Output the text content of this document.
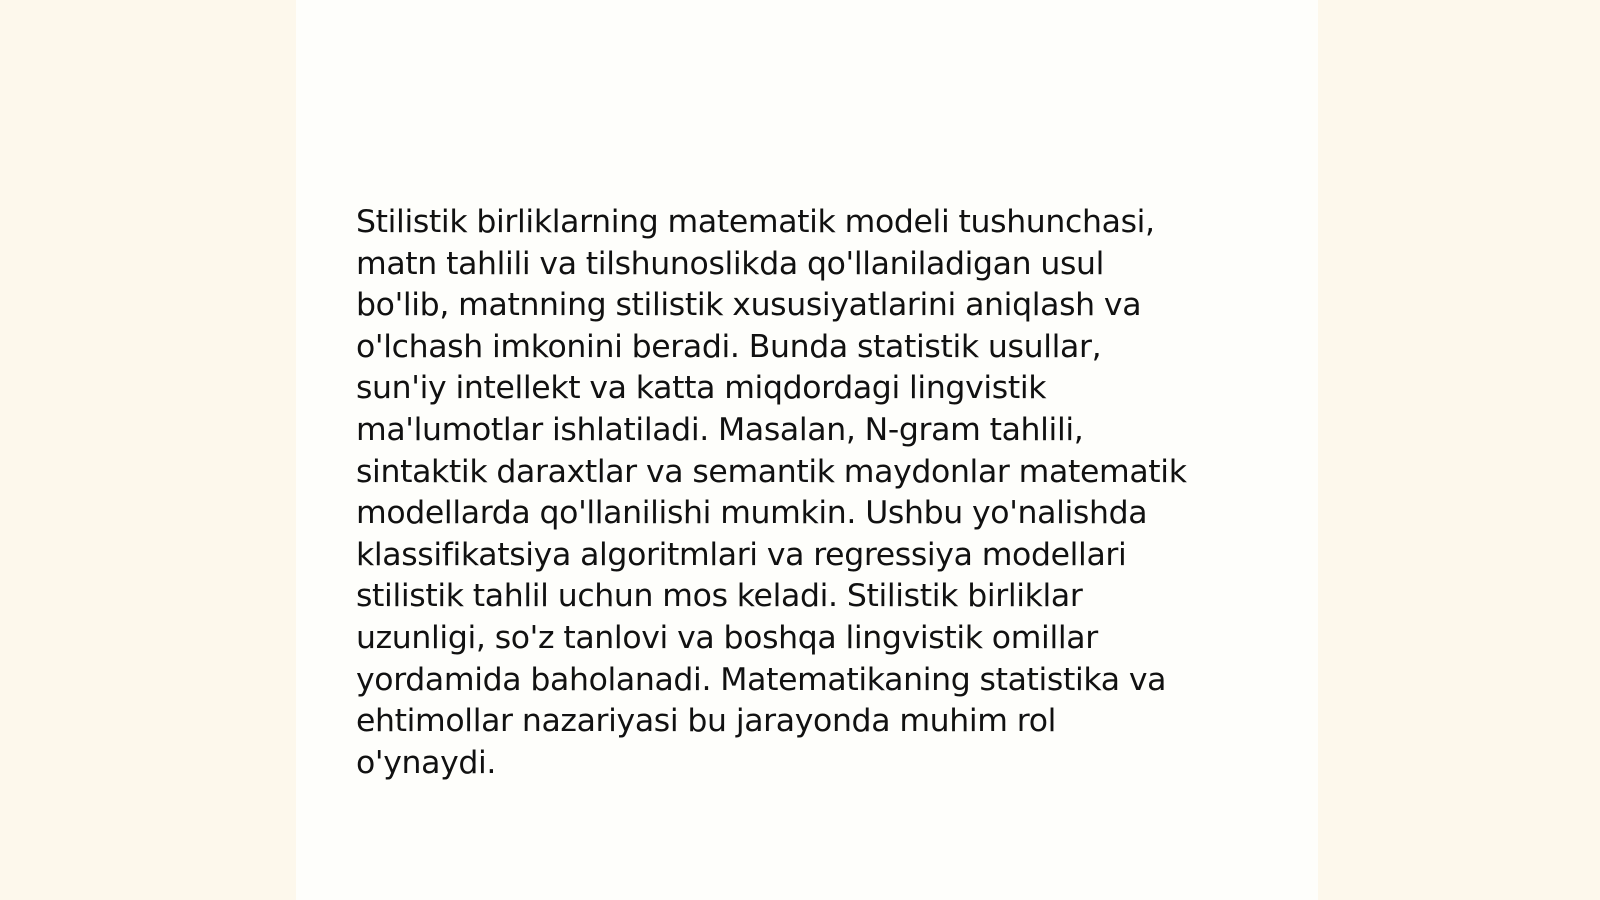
Stilistik birliklarning matematik modeli tushunchasi,
matn tahlili va tilshunoslikda qo'llaniladigan usul
bo'lib, matnning stilistik xususiyatlarini aniqlash va
o'lchash imkonini beradi. Bunda statistik usullar,
sun'iy intellekt va katta miqdordagi lingvistik
ma'lumotlar ishlatiladi. Masalan, N-gram tahlili,
sintaktik daraxtlar va semantik maydonlar matematik
modellarda qo'llanilishi mumkin. Ushbu yo'nalishda
klassifikatsiya algoritmlari va regressiya modellari
stilistik tahlil uchun mos keladi. Stilistik birliklar
uzunligi, so'z tanlovi va boshqa lingvistik omillar
yordamida baholanadi. Matematikaning statistika va
ehtimollar nazariyasi bu jarayonda muhim rol
o'ynaydi.
